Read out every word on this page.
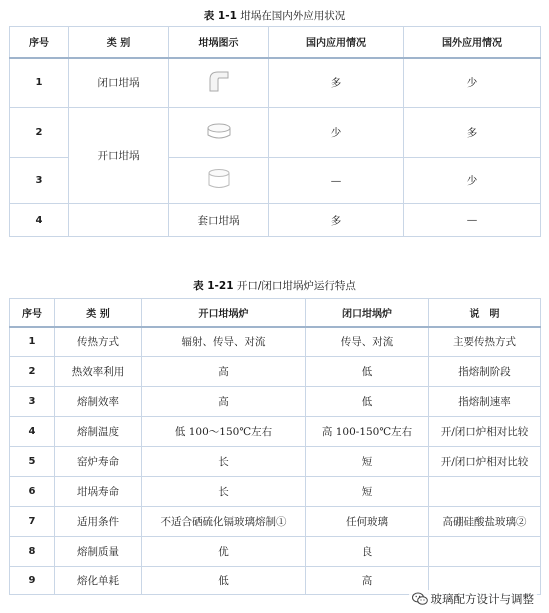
表 1-1 坩埚在国内外应用状况
序号	类 别	坩埚图示	国内应用情况	国外应用情况
1	闭口坩埚		多	少
2	开口坩埚		少	多
3			—	少
4		套口坩埚	多	—
表 1-21 开口/闭口坩埚炉运行特点
序号	类 别	开口坩埚炉	闭口坩埚炉	说　明
1	传热方式	辐射、传导、对流	传导、对流	主要传热方式
2	热效率利用	高	低	指熔制阶段
3	熔制效率	高	低	指熔制速率
4	熔制温度	低 100～150℃左右	高 100-150℃左右	开/闭口炉相对比较
5	窑炉寿命	长	短	开/闭口炉相对比较
6	坩埚寿命	长	短	
7	适用条件	不适合硒硫化镉玻璃熔制①	任何玻璃	高硼硅酸盐玻璃②
8	熔制质量	优	良	
9	熔化单耗	低	高	
玻璃配方设计与调整
